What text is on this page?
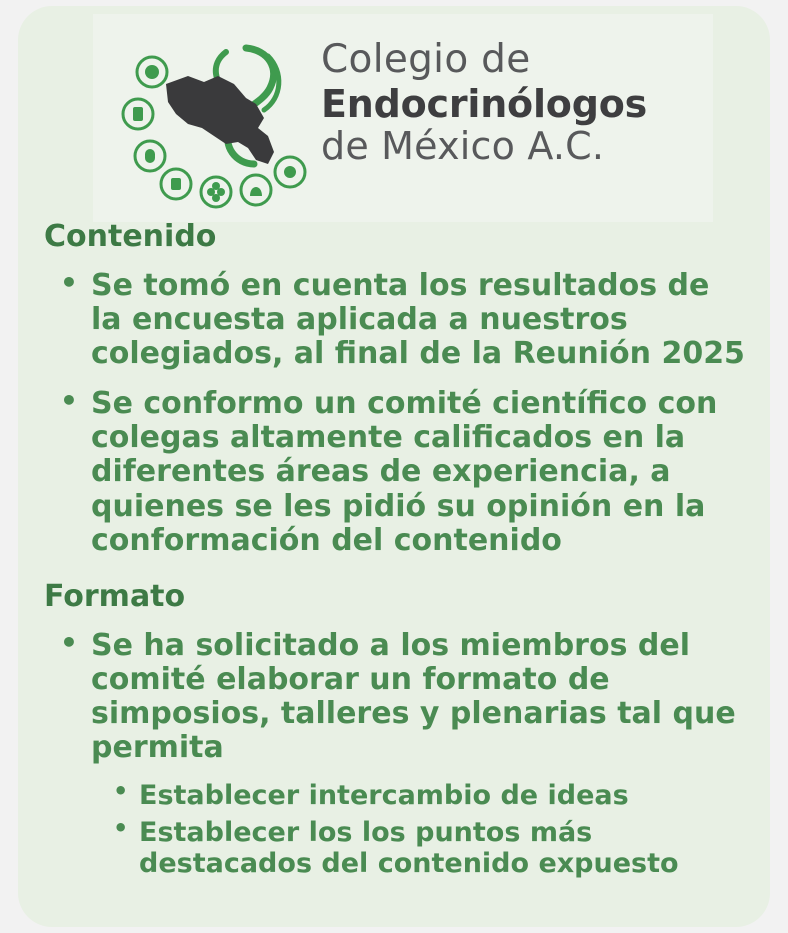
Colegio de
Endocrinólogos
de México A.C.
Contenido
• Se tomó en cuenta los resultados de la encuesta aplicada a nuestros colegiados, al final de la Reunión 2025
• Se conformo un comité científico con colegas altamente calificados en la diferentes áreas de experiencia, a quienes se les pidió su opinión en la conformación del contenido
Formato
• Se ha solicitado a los miembros del comité elaborar un formato de simposios, talleres y plenarias tal que permita
• Establecer intercambio de ideas
• Establecer los los puntos más destacados del contenido expuesto
